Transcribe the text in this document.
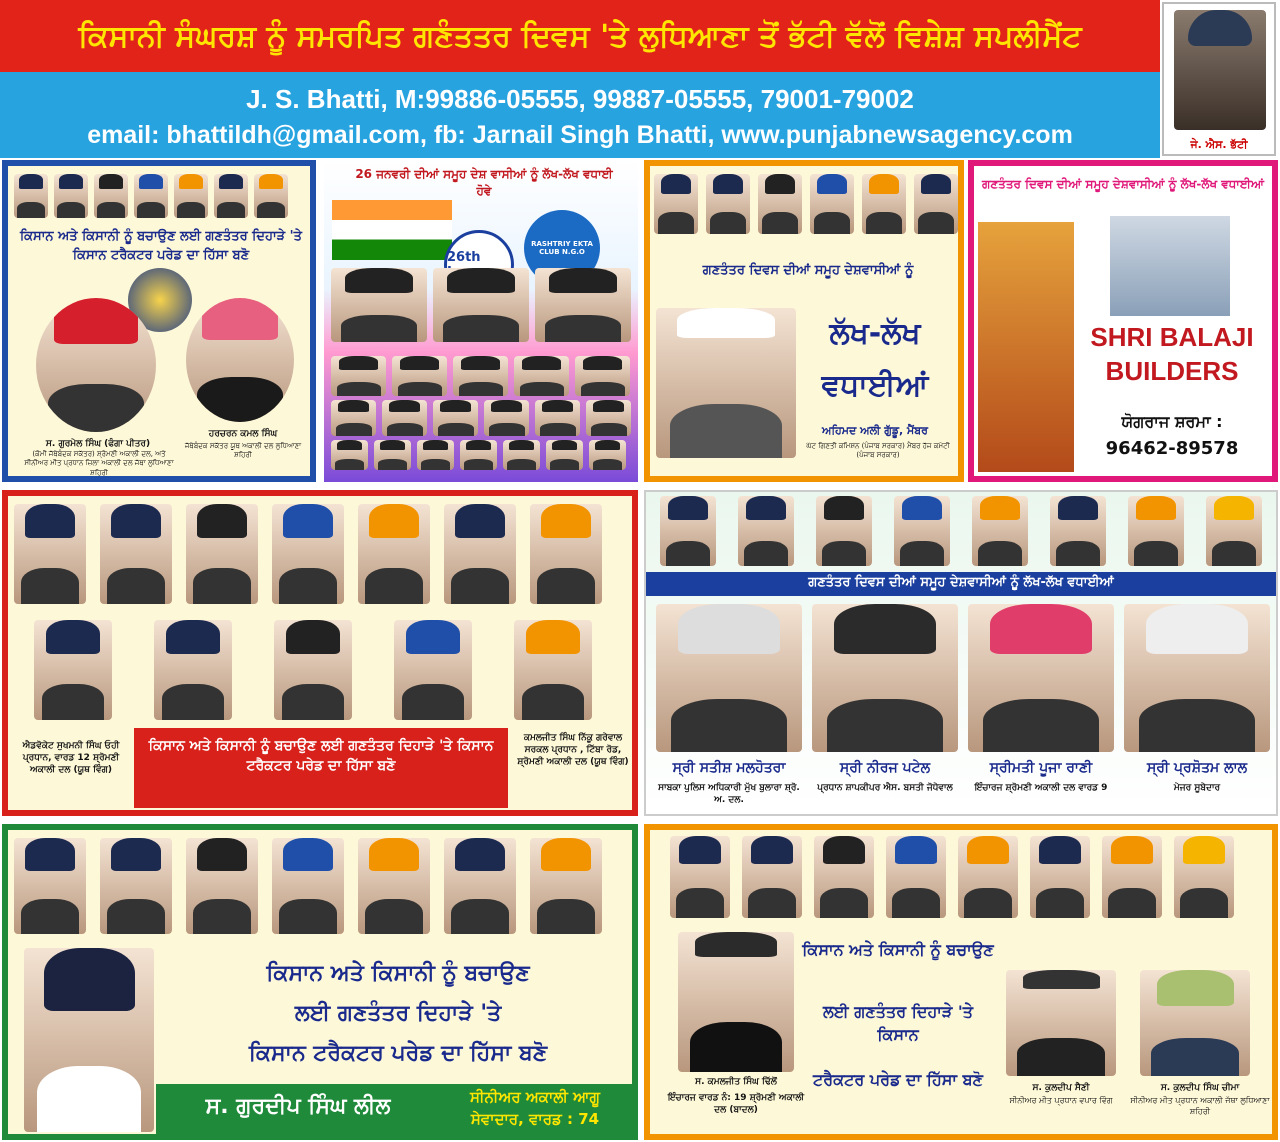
ਕਿਸਾਨੀ ਸੰਘਰਸ਼ ਨੂੰ ਸਮਰਪਿਤ ਗਣੰਤਤਰ ਦਿਵਸ 'ਤੇ ਲੁਧਿਆਣਾ ਤੋਂ ਭੱਟੀ ਵੱਲੋਂ ਵਿਸ਼ੇਸ਼ ਸਪਲੀਮੈਂਟ
J. S. Bhatti, M:99886-05555, 99887-05555, 79001-79002
email: bhattildh@gmail.com, fb: Jarnail Singh Bhatti, www.punjabnewsagency.com	ਜੇ. ਐਸ. ਭੱਟੀ
ਕਿਸਾਨ ਅਤੇ ਕਿਸਾਨੀ ਨੂੰ ਬਚਾਉਣ ਲਈ ਗਣਤੰਤਰ ਦਿਹਾੜੇ 'ਤੇ ਕਿਸਾਨ ਟਰੈਕਟਰ ਪਰੇਡ ਦਾ ਹਿੱਸਾ ਬਣੋ
ਸ. ਗੁਰਮੇਲ ਸਿੰਘ (ਫੰਗਾ ਪੀਤਰ)
(ਕੋਮੀ ਜੱਥੇਬੰਦਕ ਸਕੱਤਰ) ਸ਼੍ਰੋਮਣੀ ਅਕਾਲੀ ਦਲ, ਅਤੇ ਸੀਨੀਅਰ ਮੀਤ ਪ੍ਰਧਾਨ ਜ਼ਿਲਾ ਅਕਾਲੀ ਦਲ ਜੱਥਾ ਲੁਧਿਆਣਾ ਸ਼ਹਿਰੀ
ਹਰਚਰਨ ਕਮਲ ਸਿੰਘ
ਜੱਥੇਬੰਦਕ ਸਕੱਤਰ ਯੂਥ ਅਕਾਲੀ ਦਲ ਲੁਧਿਆਣਾ ਸ਼ਹਿਰੀ
26 ਜਨਵਰੀ ਦੀਆਂ ਸਮੂਹ ਦੇਸ਼ ਵਾਸੀਆਂ ਨੂੰ ਲੱਖ-ਲੱਖ ਵਧਾਈ ਹੋਵੇ
26th
RASHTRIY EKTA CLUB N.G.O
ਗਣਤੰਤਰ ਦਿਵਸ ਦੀਆਂ ਸਮੂਹ ਦੇਸ਼ਵਾਸੀਆਂ ਨੂੰ
ਲੱਖ-ਲੱਖ
ਵਧਾਈਆਂ
ਅਹਿਮਦ ਅਲੀ ਗੁੱਡੂ, ਮੈਂਬਰ
ਘੱਟ ਗਿਣਤੀ ਕਮਿਸ਼ਨ (ਪੰਜਾਬ ਸਰਕਾਰ) ਮੈਂਬਰ ਹੱਜ ਕਮੇਟੀ (ਪੰਜਾਬ ਸਰਕਾਰ)
ਗਣਤੰਤਰ ਦਿਵਸ ਦੀਆਂ ਸਮੂਹ ਦੇਸ਼ਵਾਸੀਆਂ ਨੂੰ ਲੱਖ-ਲੱਖ ਵਧਾਈਆਂ
SHRI BALAJI
BUILDERS
ਯੋਗਰਾਜ ਸ਼ਰਮਾ :
96462-89578
ਐਡਵੋਕੇਟ ਸੁਖਮਨੀ ਸਿੰਘ ਓਹੀ ਪ੍ਰਧਾਨ, ਵਾਰਡ 12 ਸ਼੍ਰੋਮਣੀ ਅਕਾਲੀ ਦਲ (ਯੂਥ ਵਿੰਗ)
ਕਿਸਾਨ ਅਤੇ ਕਿਸਾਨੀ ਨੂੰ ਬਚਾਉਣ ਲਈ ਗਣਤੰਤਰ ਦਿਹਾੜੇ 'ਤੇ ਕਿਸਾਨ ਟਰੈਕਟਰ ਪਰੇਡ ਦਾ ਹਿੱਸਾ ਬਣੋ
ਕਮਲਜੀਤ ਸਿੰਘ ਨਿੱਕੂ ਗਰੇਵਾਲ ਸਰਕਲ ਪ੍ਰਧਾਨ , ਟਿੱਬਾ ਰੋਡ, ਸ਼੍ਰੋਮਣੀ ਅਕਾਲੀ ਦਲ (ਯੂਥ ਵਿੰਗ)
ਗਣਤੰਤਰ ਦਿਵਸ ਦੀਆਂ ਸਮੂਹ ਦੇਸ਼ਵਾਸੀਆਂ ਨੂੰ ਲੱਖ-ਲੱਖ ਵਧਾਈਆਂ
ਸ੍ਰੀ ਸਤੀਸ਼ ਮਲਹੋਤਰਾ
ਸਾਬਕਾ ਪੁਲਿਸ ਅਧਿਕਾਰੀ ਮੁੱਖ ਬੁਲਾਰਾ ਸ਼੍ਰੋ. ਅ. ਦਲ.
ਸ੍ਰੀ ਨੀਰਜ ਪਟੇਲ
ਪ੍ਰਧਾਨ ਸ਼ਾਪਕੀਪਰ ਐਸ. ਬਸਤੀ ਜੋਧੇਵਾਲ
ਸ੍ਰੀਮਤੀ ਪੂਜਾ ਰਾਣੀ
ਇੰਚਾਰਜ ਸ਼੍ਰੋਮਣੀ ਅਕਾਲੀ ਦਲ ਵਾਰਡ 9
ਸ੍ਰੀ ਪ੍ਰਸ਼ੋਤਮ ਲਾਲ
ਮੇਜਰ ਸੂਬੇਦਾਰ
ਕਿਸਾਨ ਅਤੇ ਕਿਸਾਨੀ ਨੂੰ ਬਚਾਉਣ
ਲਈ ਗਣਤੰਤਰ ਦਿਹਾੜੇ 'ਤੇ
ਕਿਸਾਨ ਟਰੈਕਟਰ ਪਰੇਡ ਦਾ ਹਿੱਸਾ ਬਣੋ
ਸ. ਗੁਰਦੀਪ ਸਿੰਘ ਲੀਲ	ਸੀਨੀਅਰ ਅਕਾਲੀ ਆਗੂ
ਸੇਵਾਦਾਰ, ਵਾਰਡ : 74
ਸ. ਕਮਲਜੀਤ ਸਿੰਘ ਢਿੱਲੋਂ
ਇੰਚਾਰਜ ਵਾਰਡ ਨੰ: 19 ਸ਼੍ਰੋਮਣੀ ਅਕਾਲੀ ਦਲ (ਬਾਦਲ)
ਕਿਸਾਨ ਅਤੇ ਕਿਸਾਨੀ ਨੂੰ ਬਚਾਉਣ
ਲਈ ਗਣਤੰਤਰ ਦਿਹਾੜੇ 'ਤੇ ਕਿਸਾਨ
ਟਰੈਕਟਰ ਪਰੇਡ ਦਾ ਹਿੱਸਾ ਬਣੋ	ਸ. ਕੁਲਦੀਪ ਸੈਣੀ
ਸੀਨੀਅਰ ਮੀਤ ਪ੍ਰਧਾਨ ਵਪਾਰ ਵਿੰਗ
ਸ. ਕੁਲਦੀਪ ਸਿੰਘ ਚੀਮਾ
ਸੀਨੀਅਰ ਮੀਤ ਪ੍ਰਧਾਨ ਅਕਾਲੀ ਜੱਥਾ ਲੁਧਿਆਣਾ ਸ਼ਹਿਰੀ
